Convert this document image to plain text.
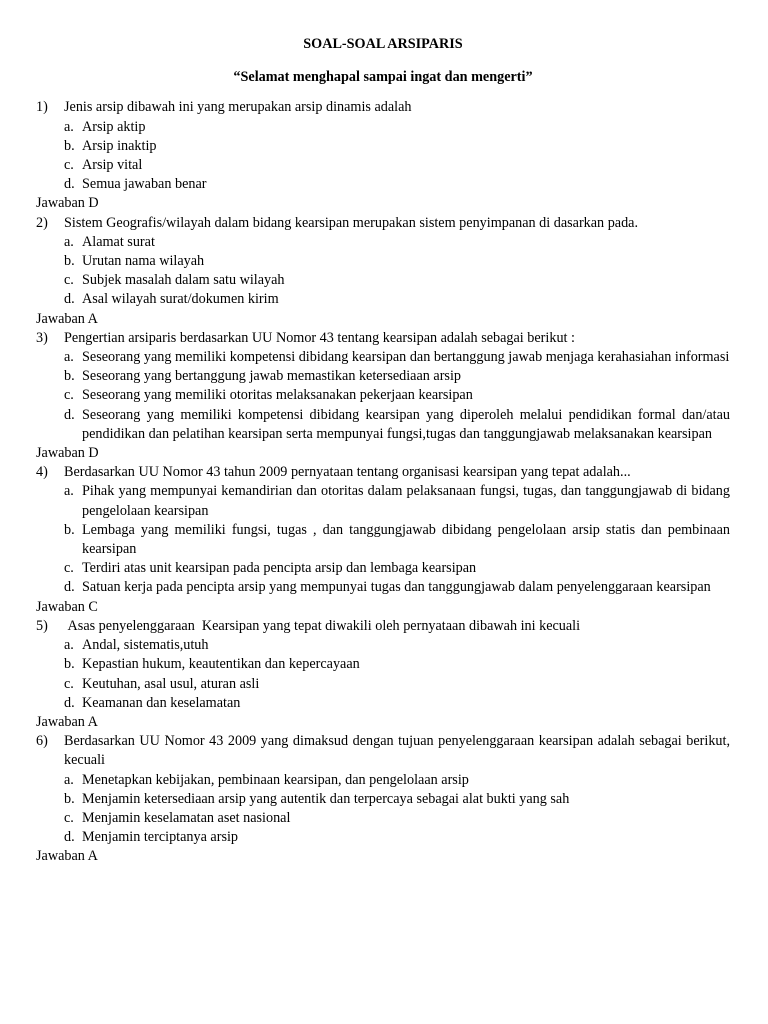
SOAL-SOAL ARSIPARIS
“Selamat menghapal sampai ingat dan mengerti”
1)	Jenis arsip dibawah ini yang merupakan arsip dinamis adalah
a. Arsip aktip
b. Arsip inaktip
c. Arsip vital
d. Semua jawaban benar
Jawaban D
2)	Sistem Geografis/wilayah dalam bidang kearsipan merupakan sistem penyimpanan di dasarkan pada.
a. Alamat surat
b. Urutan nama wilayah
c. Subjek masalah dalam satu wilayah
d. Asal wilayah surat/dokumen kirim
Jawaban A
3)	Pengertian arsiparis berdasarkan UU Nomor 43 tentang kearsipan adalah sebagai berikut :
a. Seseorang yang memiliki kompetensi dibidang kearsipan dan bertanggung jawab menjaga kerahasiahan informasi
b. Seseorang yang bertanggung jawab memastikan ketersediaan arsip
c. Seseorang yang memiliki otoritas melaksanakan pekerjaan kearsipan
d. Seseorang yang memiliki kompetensi dibidang kearsipan yang diperoleh melalui pendidikan formal dan/atau pendidikan dan pelatihan kearsipan serta mempunyai fungsi,tugas dan tanggungjawab melaksanakan kearsipan
Jawaban D
4)	Berdasarkan UU Nomor 43 tahun 2009 pernyataan tentang organisasi kearsipan yang tepat adalah...
a. Pihak yang mempunyai kemandirian dan otoritas dalam pelaksanaan fungsi, tugas, dan tanggungjawab di bidang pengelolaan kearsipan
b. Lembaga yang memiliki fungsi, tugas , dan tanggungjawab dibidang pengelolaan arsip statis dan pembinaan kearsipan
c. Terdiri atas unit kearsipan pada pencipta arsip dan lembaga kearsipan
d. Satuan kerja pada pencipta arsip yang mempunyai tugas dan tanggungjawab dalam penyelenggaraan kearsipan
Jawaban C
5)	Asas penyelenggaraan  Kearsipan yang tepat diwakili oleh pernyataan dibawah ini kecuali
a. Andal, sistematis,utuh
b. Kepastian hukum, keautentikan dan kepercayaan
c. Keutuhan, asal usul, aturan asli
d. Keamanan dan keselamatan
Jawaban A
6)	Berdasarkan UU Nomor 43 2009 yang dimaksud dengan tujuan penyelenggaraan kearsipan adalah sebagai berikut, kecuali
a. Menetapkan kebijakan, pembinaan kearsipan, dan pengelolaan arsip
b. Menjamin ketersediaan arsip yang autentik dan terpercaya sebagai alat bukti yang sah
c. Menjamin keselamatan aset nasional
d. Menjamin terciptanya arsip
Jawaban A
